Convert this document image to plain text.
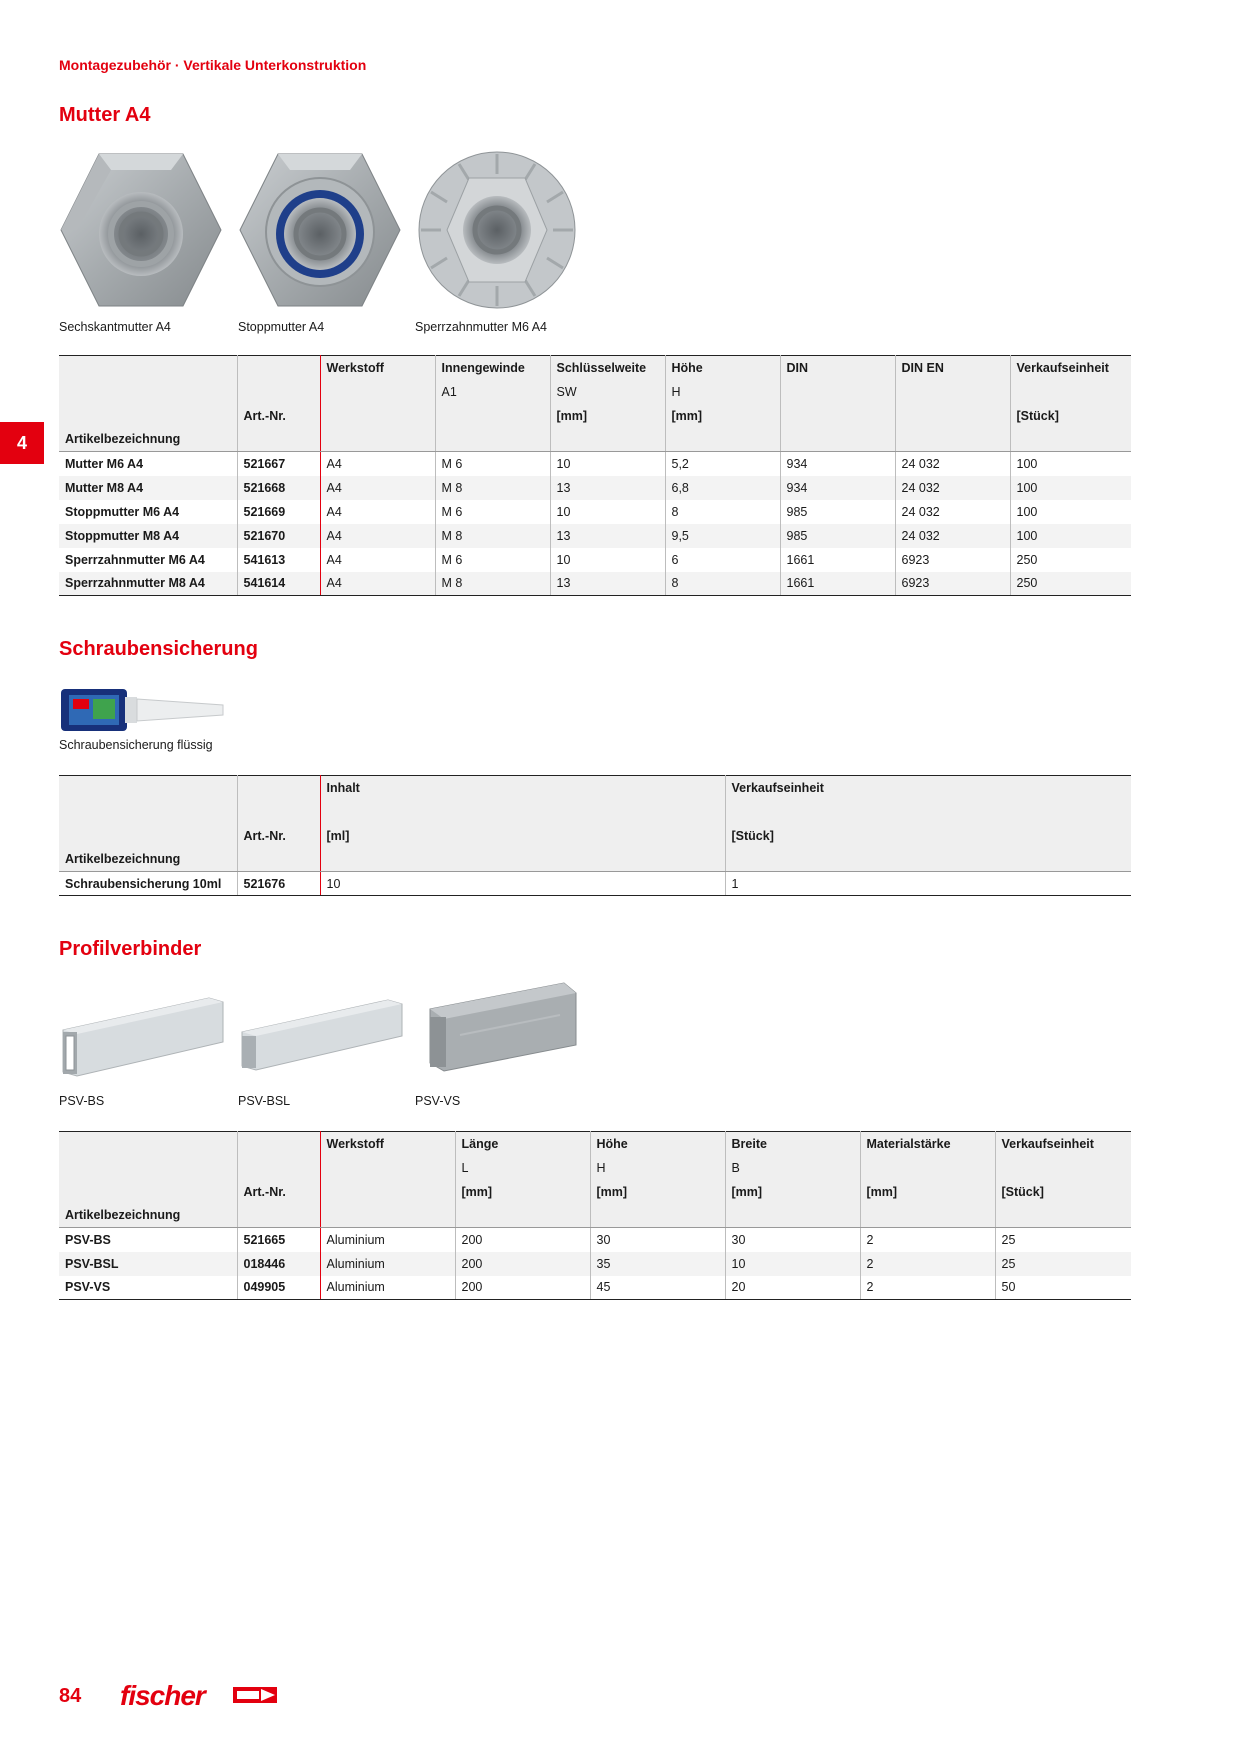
Montagezubehör · Vertikale Unterkonstruktion
4
Mutter A4
Sechskantmutter A4	Stoppmutter A4	Sperrzahnmutter M6 A4
		Werkstoff	Innengewinde	Schlüsselweite	Höhe	DIN	DIN EN	Verkaufseinheit
			A1	SW	H			
	Art.-Nr.			[mm]	[mm]			[Stück]
Artikelbezeichnung								
Mutter M6 A4	521667	A4	M 6	10	5,2	934	24 032	100
Mutter M8 A4	521668	A4	M 8	13	6,8	934	24 032	100
Stoppmutter M6 A4	521669	A4	M 6	10	8	985	24 032	100
Stoppmutter M8 A4	521670	A4	M 8	13	9,5	985	24 032	100
Sperrzahnmutter M6 A4	541613	A4	M 6	10	6	1661	6923	250
Sperrzahnmutter M8 A4	541614	A4	M 8	13	8	1661	6923	250
Schraubensicherung
Schraubensicherung flüssig
		Inhalt	Verkaufseinheit

	Art.-Nr.	[ml]	[Stück]
Artikelbezeichnung			
Schraubensicherung 10ml	521676	10	1
Profilverbinder
PSV-BS	PSV-BSL	PSV-VS
		Werkstoff	Länge	Höhe	Breite	Materialstärke	Verkaufseinheit
			L	H	B		
	Art.-Nr.		[mm]	[mm]	[mm]	[mm]	[Stück]
Artikelbezeichnung							
PSV-BS	521665	Aluminium	200	30	30	2	25
PSV-BSL	018446	Aluminium	200	35	10	2	25
PSV-VS	049905	Aluminium	200	45	20	2	50
84 fischer
